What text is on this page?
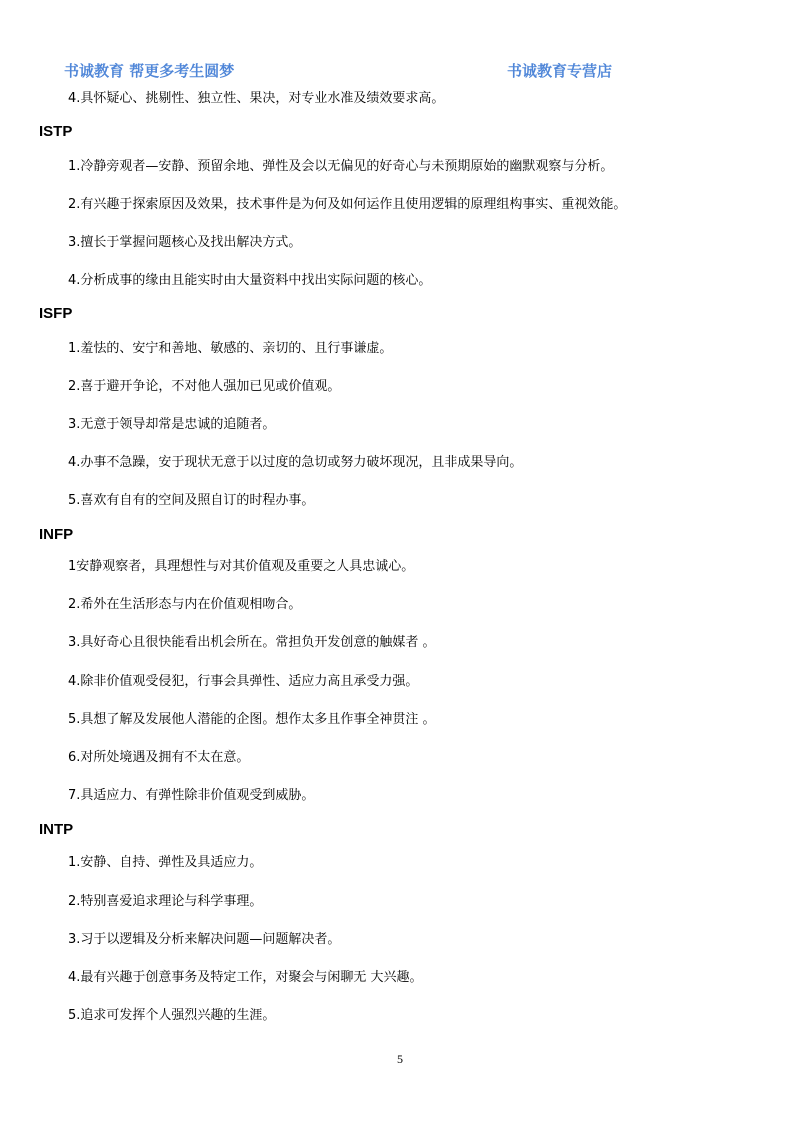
书诚教育 帮更多考生圆梦	书诚教育专营店
4.具怀疑心、挑剔性、独立性、果决，对专业水准及绩效要求高。
ISTP
1.冷静旁观者—安静、预留余地、弹性及会以无偏见的好奇心与未预期原始的幽默观察与分析。
2.有兴趣于探索原因及效果，技术事件是为何及如何运作且使用逻辑的原理组构事实、重视效能。
3.擅长于掌握问题核心及找出解决方式。
4.分析成事的缘由且能实时由大量资料中找出实际问题的核心。
ISFP
1.羞怯的、安宁和善地、敏感的、亲切的、且行事谦虚。
2.喜于避开争论，不对他人强加已见或价值观。
3.无意于领导却常是忠诚的追随者。
4.办事不急躁，安于现状无意于以过度的急切或努力破坏现况，且非成果导向。
5.喜欢有自有的空间及照自订的时程办事。
INFP
1安静观察者，具理想性与对其价值观及重要之人具忠诚心。
2.希外在生活形态与内在价值观相吻合。
3.具好奇心且很快能看出机会所在。常担负开发创意的触媒者 。
4.除非价值观受侵犯，行事会具弹性、适应力高且承受力强。
5.具想了解及发展他人潜能的企图。想作太多且作事全神贯注 。
6.对所处境遇及拥有不太在意。
7.具适应力、有弹性除非价值观受到威胁。
INTP
1.安静、自持、弹性及具适应力。
2.特别喜爱追求理论与科学事理。
3.习于以逻辑及分析来解决问题—问题解决者。
4.最有兴趣于创意事务及特定工作，对聚会与闲聊无 大兴趣。
5.追求可发挥个人强烈兴趣的生涯。
5
